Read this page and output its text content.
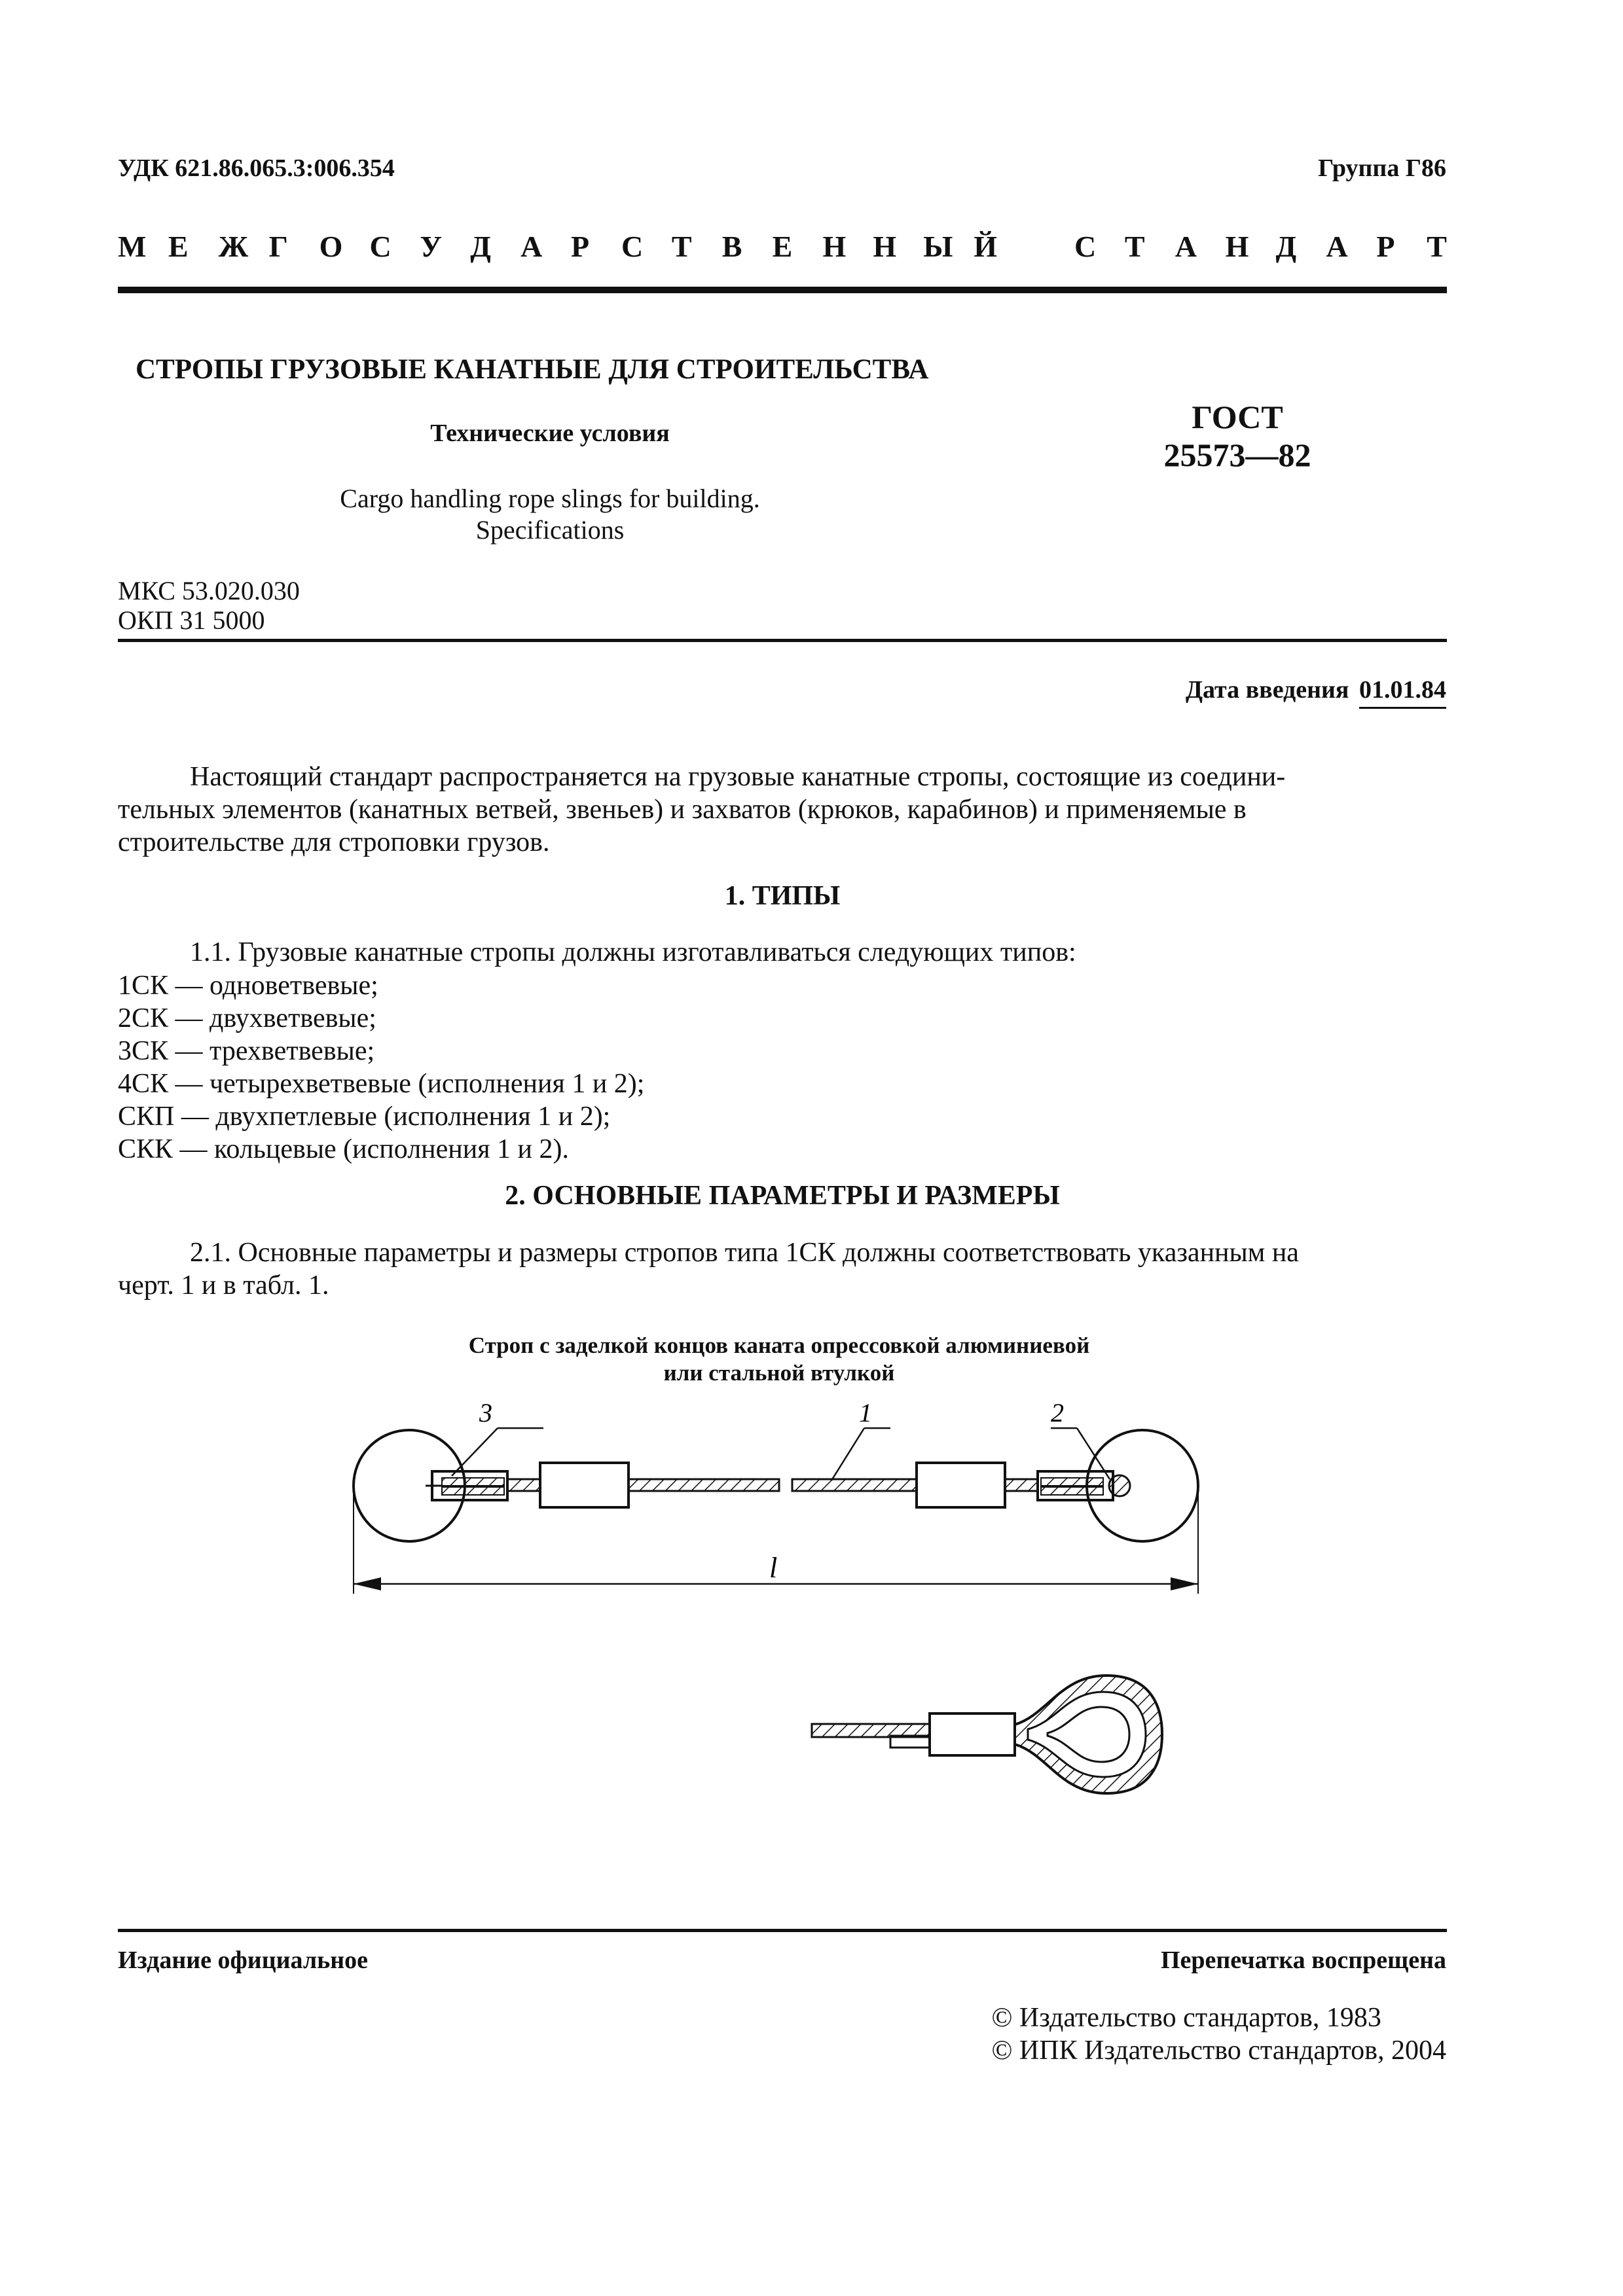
УДК 621.86.065.3:006.354	Группа Г86
М Е Ж Г О С У Д А Р С Т В Е Н Н Ы Й	С Т А Н Д А Р Т
СТРОПЫ ГРУЗОВЫЕ КАНАТНЫЕ ДЛЯ СТРОИТЕЛЬСТВА
Технические условия
Cargo handling rope slings for building.
Specifications
ГОСТ
25573—82
МКС 53.020.030
ОКП 31 5000
Дата введения 01.01.84
Настоящий стандарт распространяется на грузовые канатные стропы, состоящие из соедини-
тельных элементов (канатных ветвей, звеньев) и захватов (крюков, карабинов) и применяемые в
строительстве для строповки грузов.
1. ТИПЫ
1.1. Грузовые канатные стропы должны изготавливаться следующих типов:
1СК — одноветвевые;
2СК — двухветвевые;
3СК — трехветвевые;
4СК — четырехветвевые (исполнения 1 и 2);
СКП — двухпетлевые (исполнения 1 и 2);
СКК — кольцевые (исполнения 1 и 2).
2. ОСНОВНЫЕ ПАРАМЕТРЫ И РАЗМЕРЫ
2.1. Основные параметры и размеры стропов типа 1СК должны соответствовать указанным на
черт. 1 и в табл. 1.
Строп с заделкой концов каната опрессовкой алюминиевой
или стальной втулкой
3	1	2
l
Издание официальное	Перепечатка воспрещена
© Издательство стандартов, 1983
© ИПК Издательство стандартов, 2004
